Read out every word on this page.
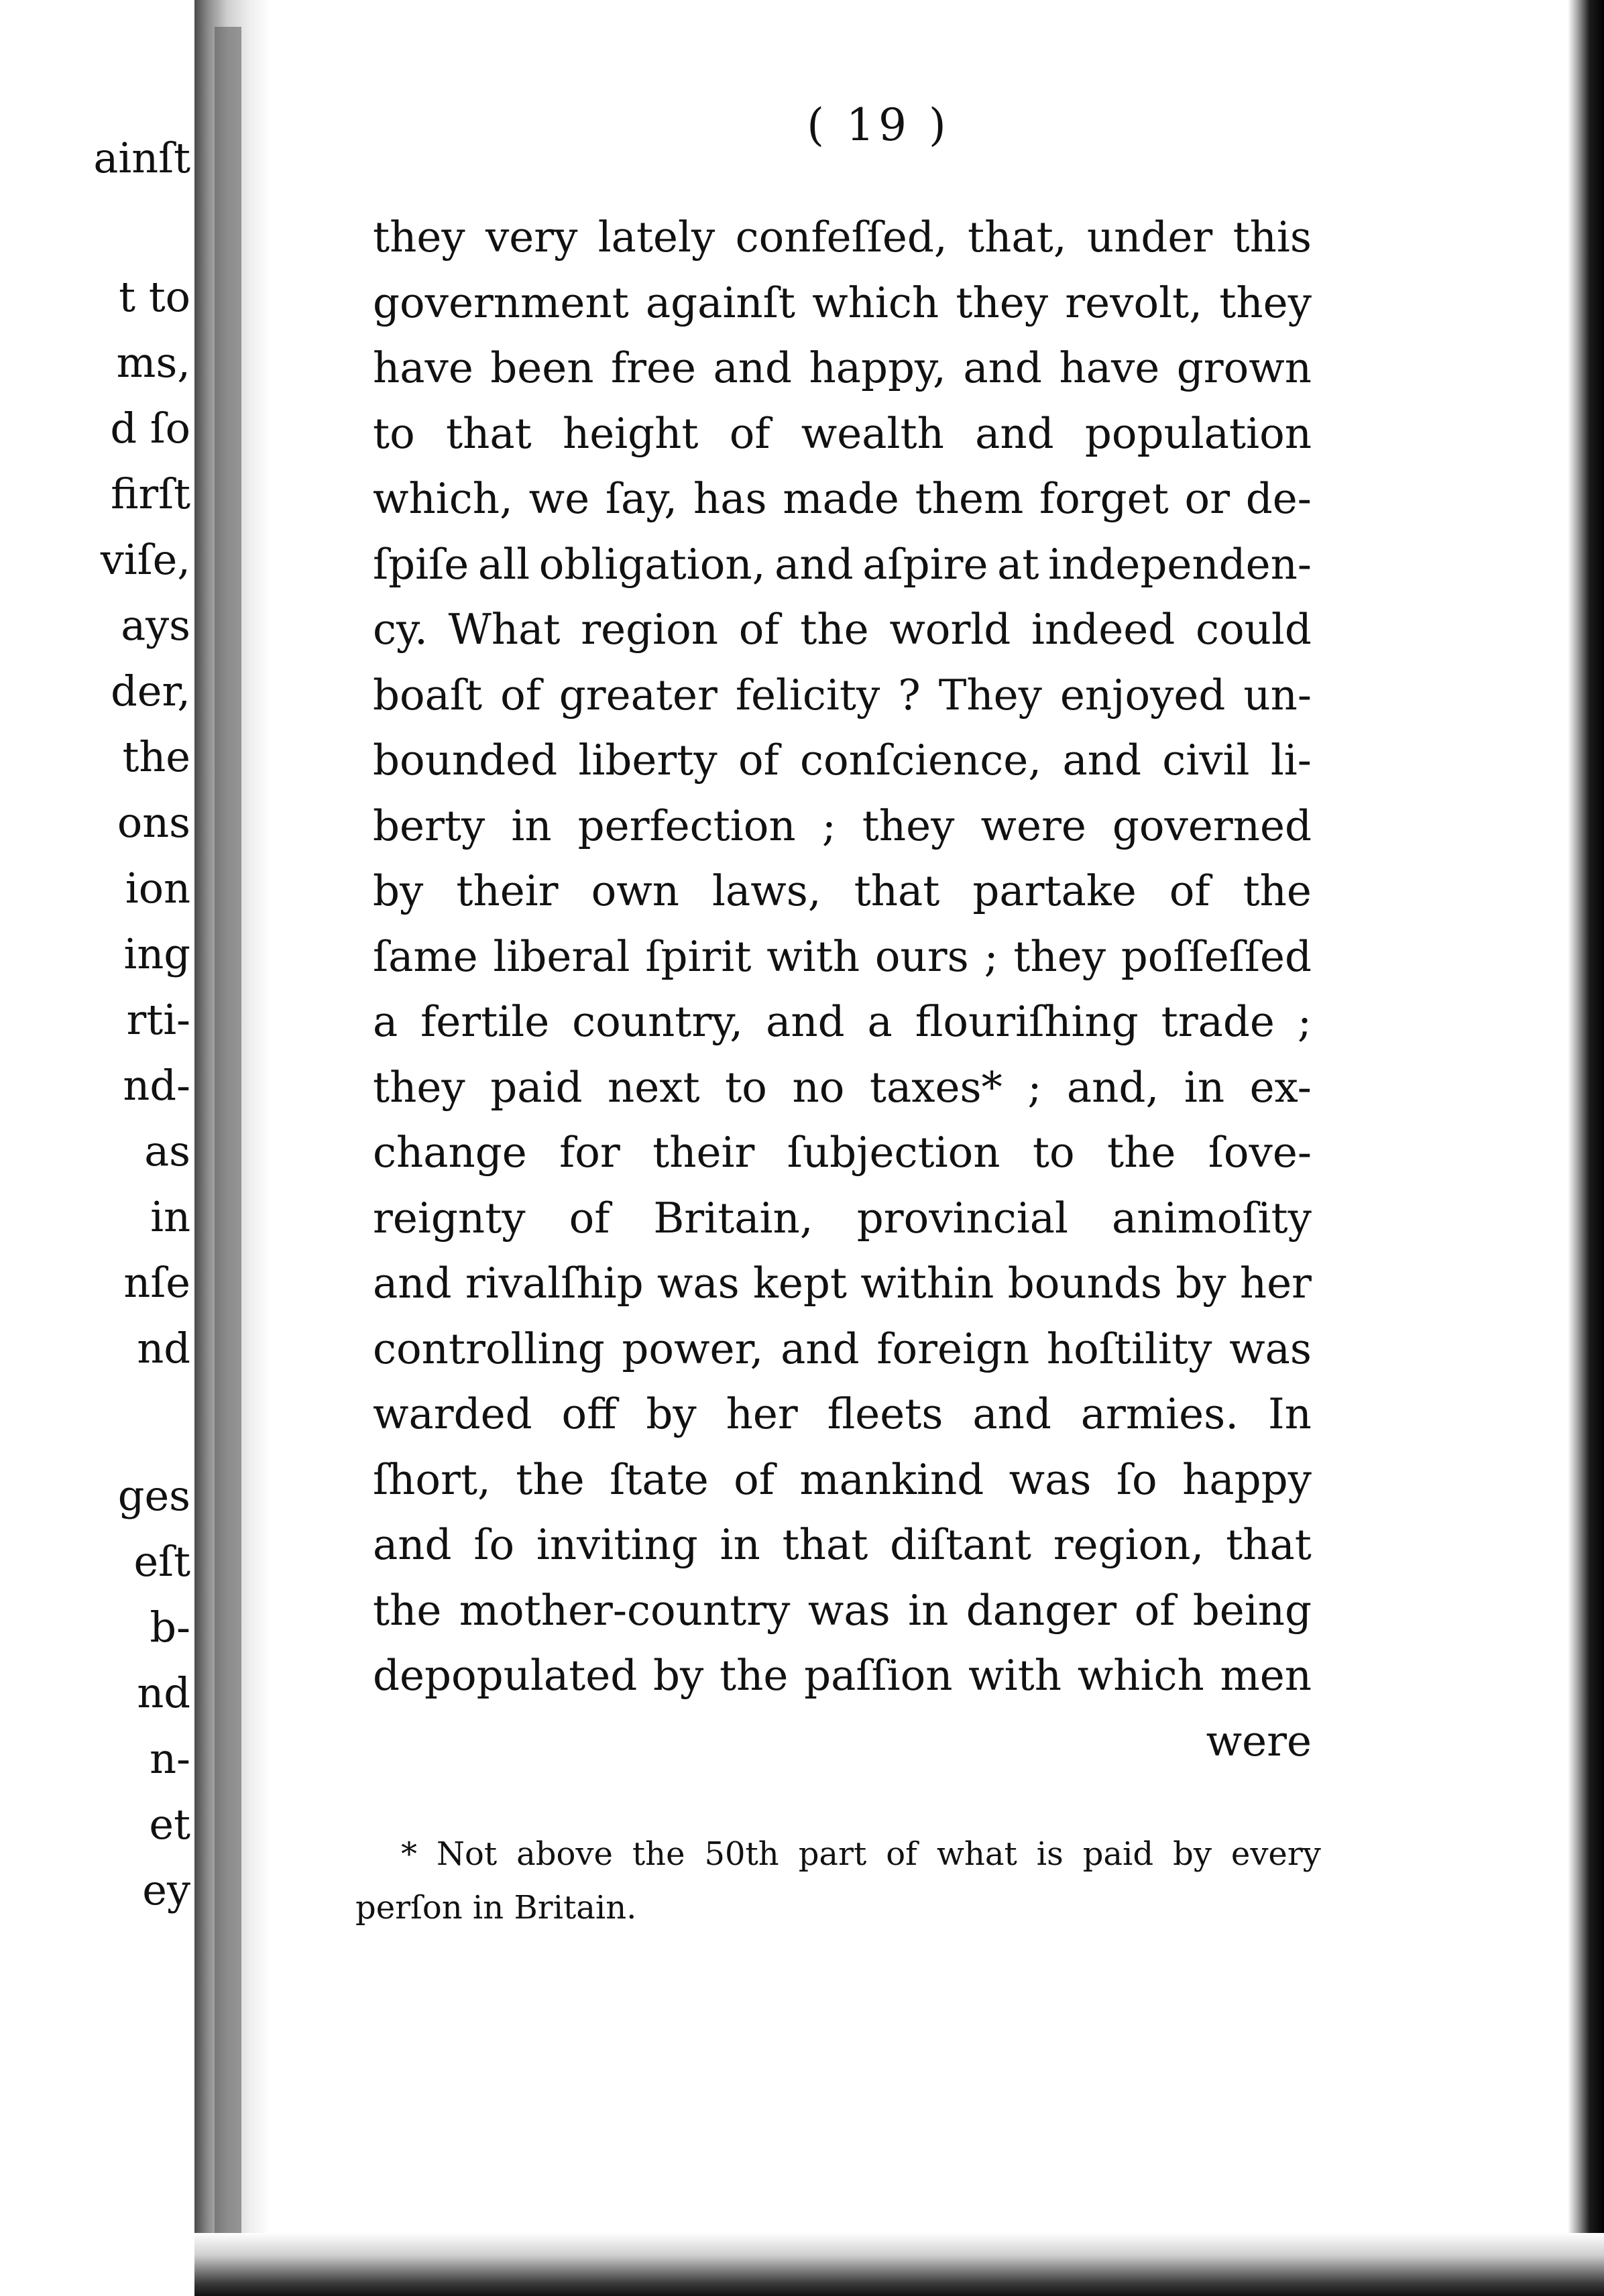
ainſt
t to
ms,
d ſo
firſt
viſe,
ays
der,
the
ons
ion
ing
rti-
nd-
as
in
nſe
nd
ges
eſt
b-
nd
n-
et
ey
( 19 )
they very lately confeſſed, that, under this
government againſt which they revolt, they
have been free and happy, and have grown
to that height of wealth and population
which, we ſay, has made them forget or de-
ſpiſe all obligation, and aſpire at independen-
cy. What region of the world indeed could
boaſt of greater felicity ? They enjoyed un-
bounded liberty of conſcience, and civil li-
berty in perfection ; they were governed
by their own laws, that partake of the
ſame liberal ſpirit with ours ; they poſſeſſed
a fertile country, and a flouriſhing trade ;
they paid next to no taxes* ; and, in ex-
change for their ſubjection to the ſove-
reignty of Britain, provincial animoſity
and rivalſhip was kept within bounds by her
controlling power, and foreign hoſtility was
warded off by her fleets and armies. In
ſhort, the ſtate of mankind was ſo happy
and ſo inviting in that diſtant region, that
the mother-country was in danger of being
depopulated by the paſſion with which men
were
* Not above the 50th part of what is paid by every
perſon in Britain.
